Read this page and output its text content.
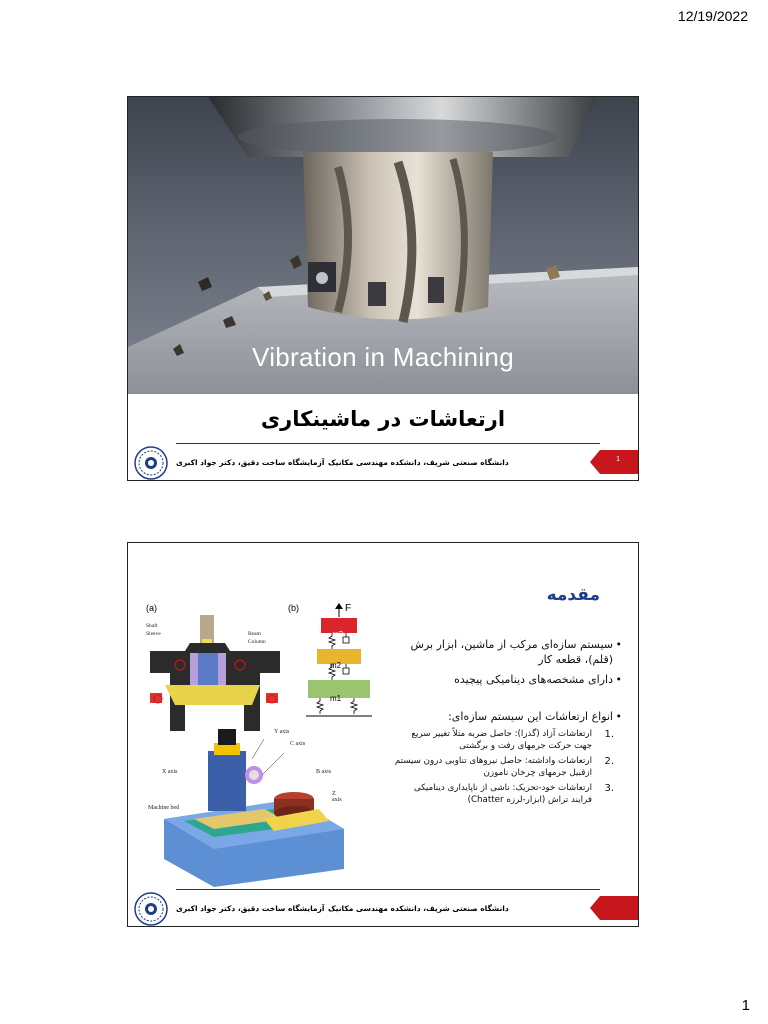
12/19/2022
Vibration in Machining
ارتعاشات در ماشینکاری
آزمایشگاه ساخت دقیق، دکتر جواد اکبری دانشگاه صنعتی شریف، دانشکده مهندسی مکانیک	1
مقدمه
(a)
Shaft
Sleeve	Beam
Column
(b)	F
m3
m2
m1
Y axis
C axis
X axis	B axis
Z axis
Machine bed
• سیستم سازه‌ای مرکب از ماشین، ابزار برش (قلم)، قطعه کار
• دارای مشخصه‌های دینامیکی پیچیده
• انواع ارتعاشات این سیستم سازه‌ای:
.1
ارتعاشات آزاد (گذرا): حاصل ضربه مثلاً تغییر سریع جهت حرکت جرمهای رفت و برگشتی
.2
ارتعاشات واداشته: حاصل نیروهای تناوبی درون سیستم ازقبیل جرمهای چرخان ناموزن
.3
ارتعاشات خود-تحریک: ناشی از ناپایداری دینامیکی فرایند تراش (ابزار-لرزه Chatter)
آزمایشگاه ساخت دقیق، دکتر جواد اکبری دانشگاه صنعتی شریف، دانشکده مهندسی مکانیک
1
